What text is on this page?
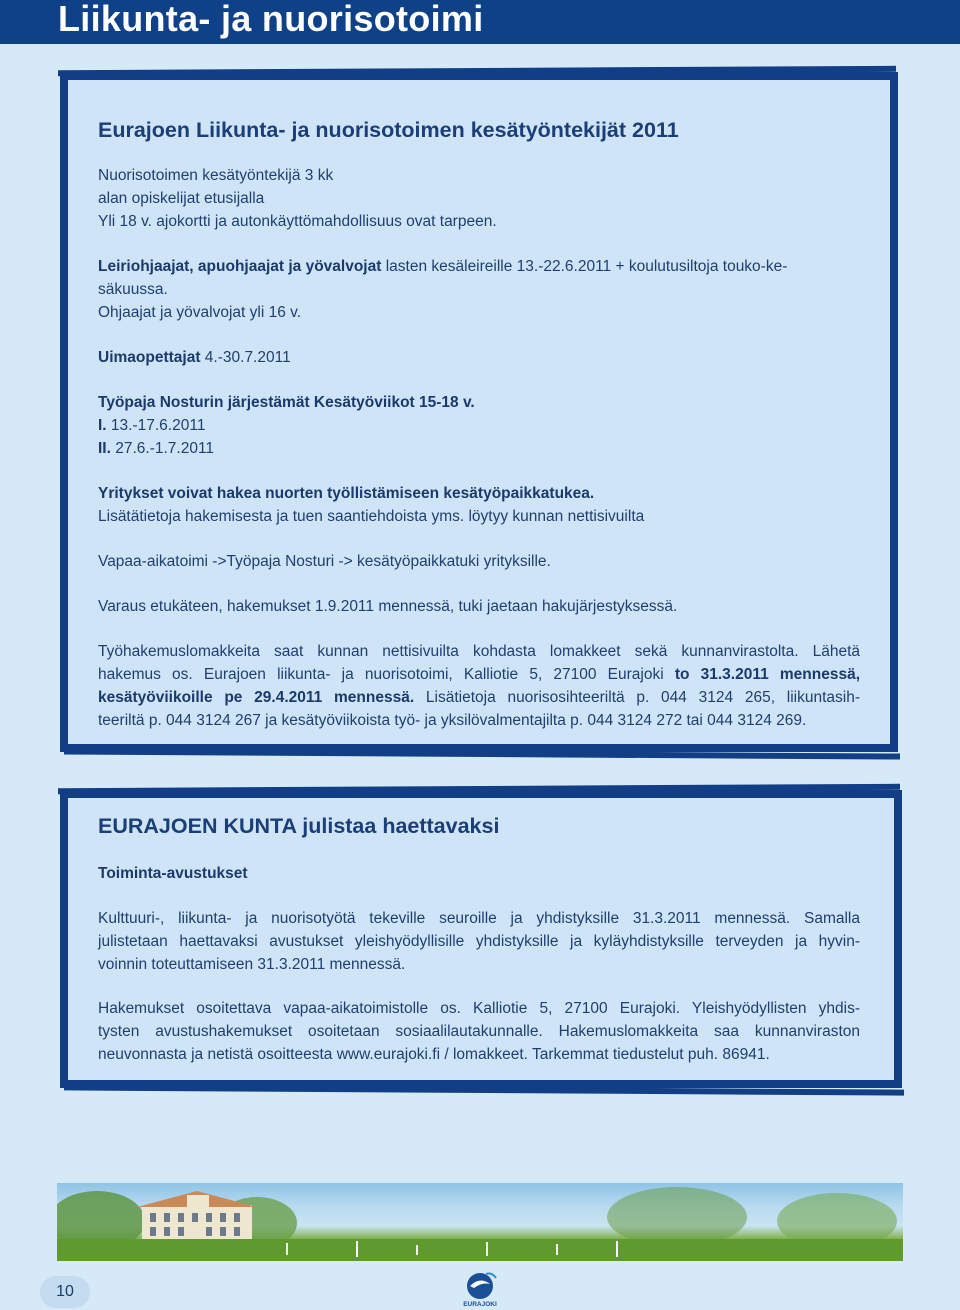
Liikunta- ja nuorisotoimi
Eurajoen Liikunta- ja nuorisotoimen kesätyöntekijät 2011
Nuorisotoimen kesätyöntekijä 3 kk
alan opiskelijat etusijalla
Yli 18 v. ajokortti ja autonkäyttömahdollisuus ovat tarpeen.
Leiriohjaajat, apuohjaajat ja yövalvojat lasten kesäleireille 13.-22.6.2011 + koulutusiltoja touko-ke-
säkuussa.
Ohjaajat ja yövalvojat yli 16 v.
Uimaopettajat 4.-30.7.2011
Työpaja Nosturin järjestämät Kesätyöviikot 15-18 v.
I. 13.-17.6.2011
II. 27.6.-1.7.2011
Yritykset voivat hakea nuorten työllistämiseen kesätyöpaikkatukea.
Lisätätietoja hakemisesta ja tuen saantiehdoista yms. löytyy kunnan nettisivuilta
Vapaa-aikatoimi ->Työpaja Nosturi -> kesätyöpaikkatuki yrityksille.
Varaus etukäteen, hakemukset 1.9.2011 mennessä, tuki jaetaan hakujärjestyksessä.
Työhakemuslomakkeita saat kunnan nettisivuilta kohdasta lomakkeet sekä kunnanvirastolta. Lähetä
hakemus os. Eurajoen liikunta- ja nuorisotoimi, Kalliotie 5, 27100 Eurajoki to 31.3.2011 mennessä,
kesätyöviikoille pe 29.4.2011 mennessä. Lisätietoja nuorisosihteeriltä p. 044 3124 265, liikuntasih-
teeriltä p. 044 3124 267 ja kesätyöviikoista työ- ja yksilövalmentajilta p. 044 3124 272 tai 044 3124 269.
EURAJOEN KUNTA julistaa haettavaksi
Toiminta-avustukset
Kulttuuri-, liikunta- ja nuorisotyötä tekeville seuroille ja yhdistyksille 31.3.2011 mennessä. Samalla
julistetaan haettavaksi avustukset yleishyödyllisille yhdistyksille ja kyläyhdistyksille terveyden ja hyvin-
voinnin toteuttamiseen 31.3.2011 mennessä.
Hakemukset osoitettava vapaa-aikatoimistolle os. Kalliotie 5, 27100 Eurajoki. Yleishyödyllisten yhdis-
tysten avustushakemukset osoitetaan sosiaalilautakunnalle. Hakemuslomakkeita saa kunnanviraston
neuvonnasta ja netistä osoitteesta www.eurajoki.fi / lomakkeet. Tarkemmat tiedustelut puh. 86941.
10
EURAJOKI
